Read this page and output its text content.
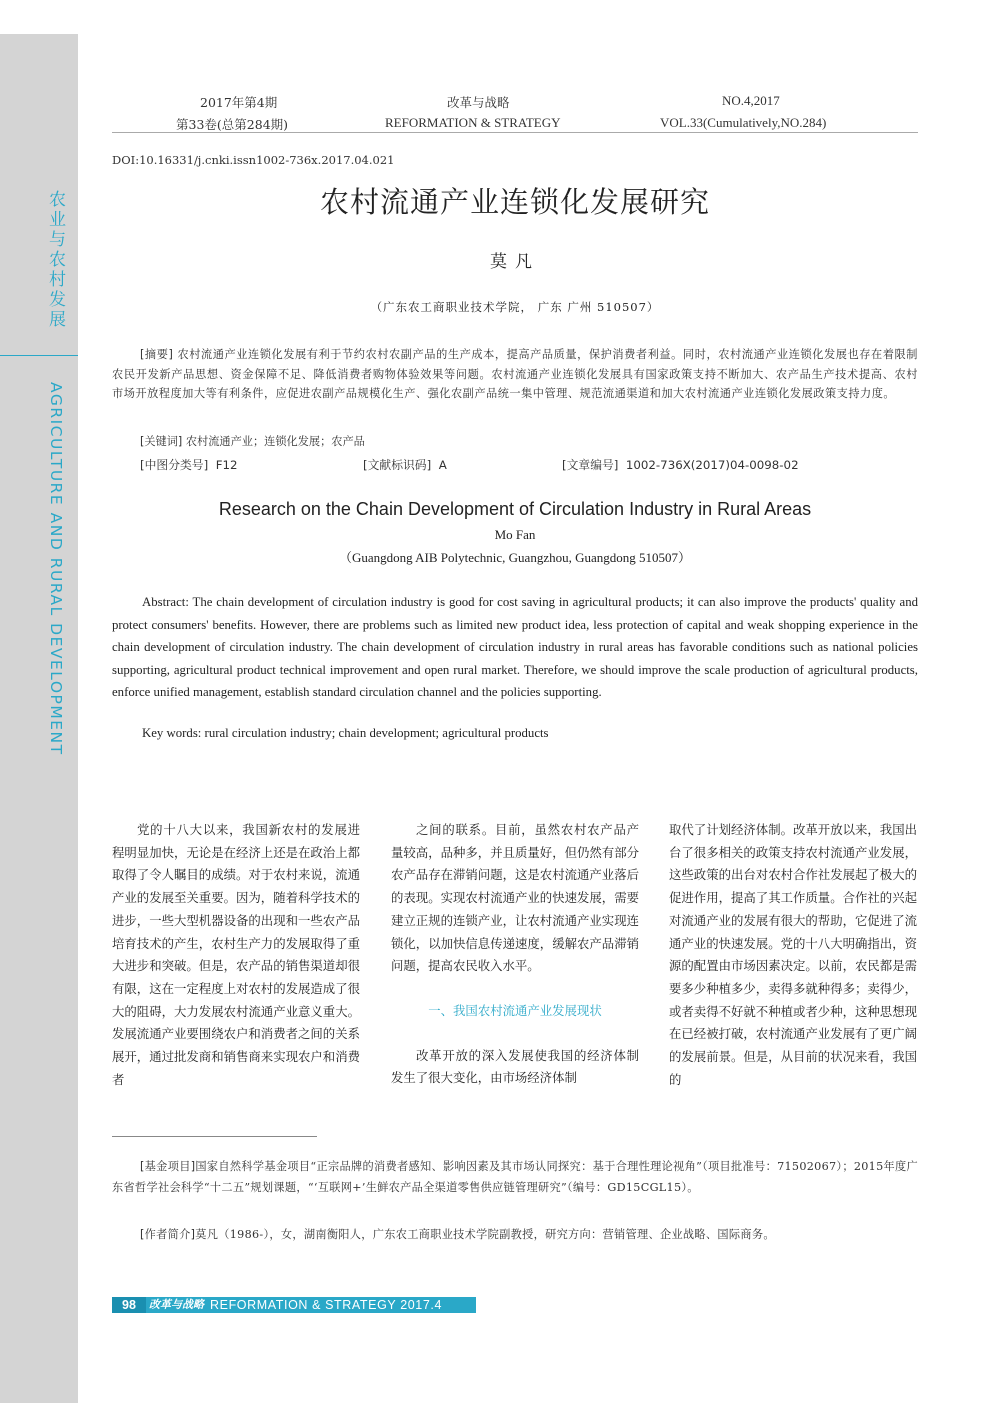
农业与农村发展
AGRICULTURE AND RURAL DEVELOPMENT
2017年第4期
第33卷(总第284期)
改革与战略
REFORMATION & STRATEGY
NO.4,2017
VOL.33(Cumulatively,NO.284)
DOI:10.16331/j.cnki.issn1002-736x.2017.04.021
农村流通产业连锁化发展研究
莫凡
（广东农工商职业技术学院， 广东 广州 510507）
[摘要] 农村流通产业连锁化发展有利于节约农村农副产品的生产成本，提高产品质量，保护消费者利益。同时，农村流通产业连锁化发展也存在着限制农民开发新产品思想、资金保障不足、降低消费者购物体验效果等问题。农村流通产业连锁化发展具有国家政策支持不断加大、农产品生产技术提高、农村市场开放程度加大等有利条件，应促进农副产品规模化生产、强化农副产品统一集中管理、规范流通渠道和加大农村流通产业连锁化发展政策支持力度。
[关键词] 农村流通产业；连锁化发展；农产品
[中图分类号] F12	[文献标识码] A	[文章编号] 1002-736X(2017)04-0098-02
Research on the Chain Development of Circulation Industry in Rural Areas
Mo Fan
（Guangdong AIB Polytechnic, Guangzhou, Guangdong 510507）
Abstract: The chain development of circulation industry is good for cost saving in agricultural products; it can also improve the products' quality and protect consumers' benefits. However, there are problems such as limited new product idea, less protection of capital and weak shopping experience in the chain development of circulation industry. The chain development of circulation industry in rural areas has favorable conditions such as national policies supporting, agricultural product technical improvement and open rural market. Therefore, we should improve the scale production of agricultural products, enforce unified management, establish standard circulation channel and the policies supporting.
Key words: rural circulation industry; chain development; agricultural products

党的十八大以来，我国新农村的发展进程明显加快，无论是在经济上还是在政治上都取得了令人瞩目的成绩。对于农村来说，流通产业的发展至关重要。因为，随着科学技术的进步，一些大型机器设备的出现和一些农产品培育技术的产生，农村生产力的发展取得了重大进步和突破。但是，农产品的销售渠道却很有限，这在一定程度上对农村的发展造成了很大的阻碍，大力发展农村流通产业意义重大。发展流通产业要围绕农户和消费者之间的关系展开，通过批发商和销售商来实现农户和消费者

之间的联系。目前，虽然农村农产品产量较高，品种多，并且质量好，但仍然有部分农产品存在滞销问题，这是农村流通产业落后的表现。实现农村流通产业的快速发展，需要建立正规的连锁产业，让农村流通产业实现连锁化，以加快信息传递速度，缓解农产品滞销问题，提高农民收入水平。

一、我国农村流通产业发展现状

改革开放的深入发展使我国的经济体制发生了很大变化，由市场经济体制

取代了计划经济体制。改革开放以来，我国出台了很多相关的政策支持农村流通产业发展，这些政策的出台对农村合作社发展起了极大的促进作用，提高了其工作质量。合作社的兴起对流通产业的发展有很大的帮助，它促进了流通产业的快速发展。党的十八大明确指出，资源的配置由市场因素决定。以前，农民都是需要多少种植多少，卖得多就种得多；卖得少，或者卖得不好就不种植或者少种，这种思想现在已经被打破，农村流通产业发展有了更广阔的发展前景。但是，从目前的状况来看，我国的

[基金项目]国家自然科学基金项目“正宗品牌的消费者感知、影响因素及其市场认同探究：基于合理性理论视角”（项目批准号：71502067）；2015年度广东省哲学社会科学“十二五”规划课题，“‘互联网+’生鲜农产品全渠道零售供应链管理研究”（编号：GD15CGL15）。
[作者简介]莫凡（1986-），女，湖南衡阳人，广东农工商职业技术学院副教授，研究方向：营销管理、企业战略、国际商务。
98	改革与战略 REFORMATION & STRATEGY 2017.4
